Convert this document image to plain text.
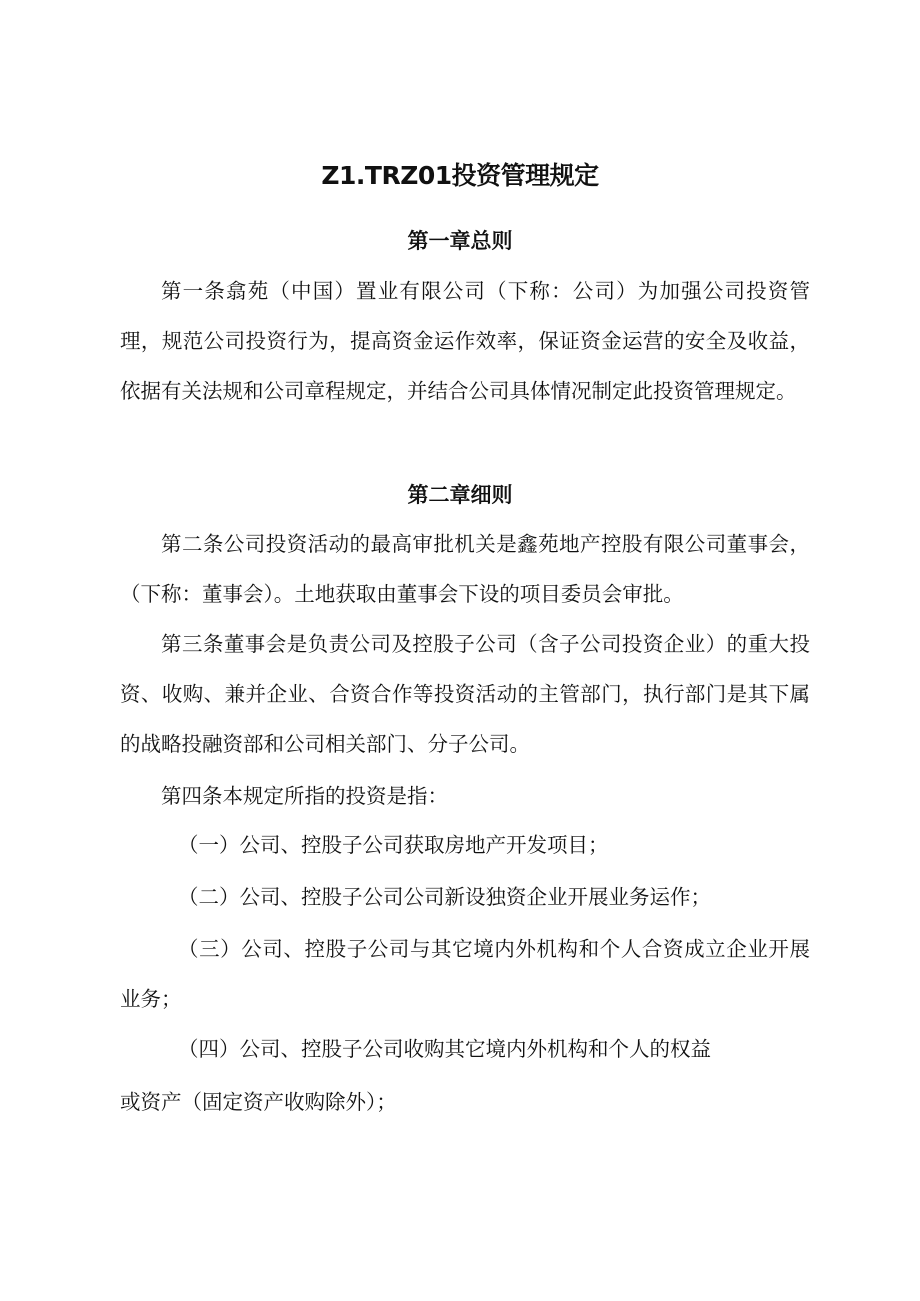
Z1.TRZ01投资管理规定
第一章总则

第一条翕苑（中国）置业有限公司（下称：公司）为加强公司投资管理，规范公司投资行为，提高资金运作效率，保证资金运营的安全及收益，依据有关法规和公司章程规定，并结合公司具体情况制定此投资管理规定。

第二章细则

第二条公司投资活动的最高审批机关是鑫苑地产控股有限公司董事会，（下称：董事会）。土地获取由董事会下设的项目委员会审批。

第三条董事会是负责公司及控股子公司（含子公司投资企业）的重大投资、收购、兼并企业、合资合作等投资活动的主管部门，执行部门是其下属的战略投融资部和公司相关部门、分子公司。

第四条本规定所指的投资是指：

（一）公司、控股子公司获取房地产开发项目；

（二）公司、控股子公司公司新设独资企业开展业务运作；

（三）公司、控股子公司与其它境内外机构和个人合资成立企业开展业务；

（四）公司、控股子公司收购其它境内外机构和个人的权益

或资产（固定资产收购除外）；
